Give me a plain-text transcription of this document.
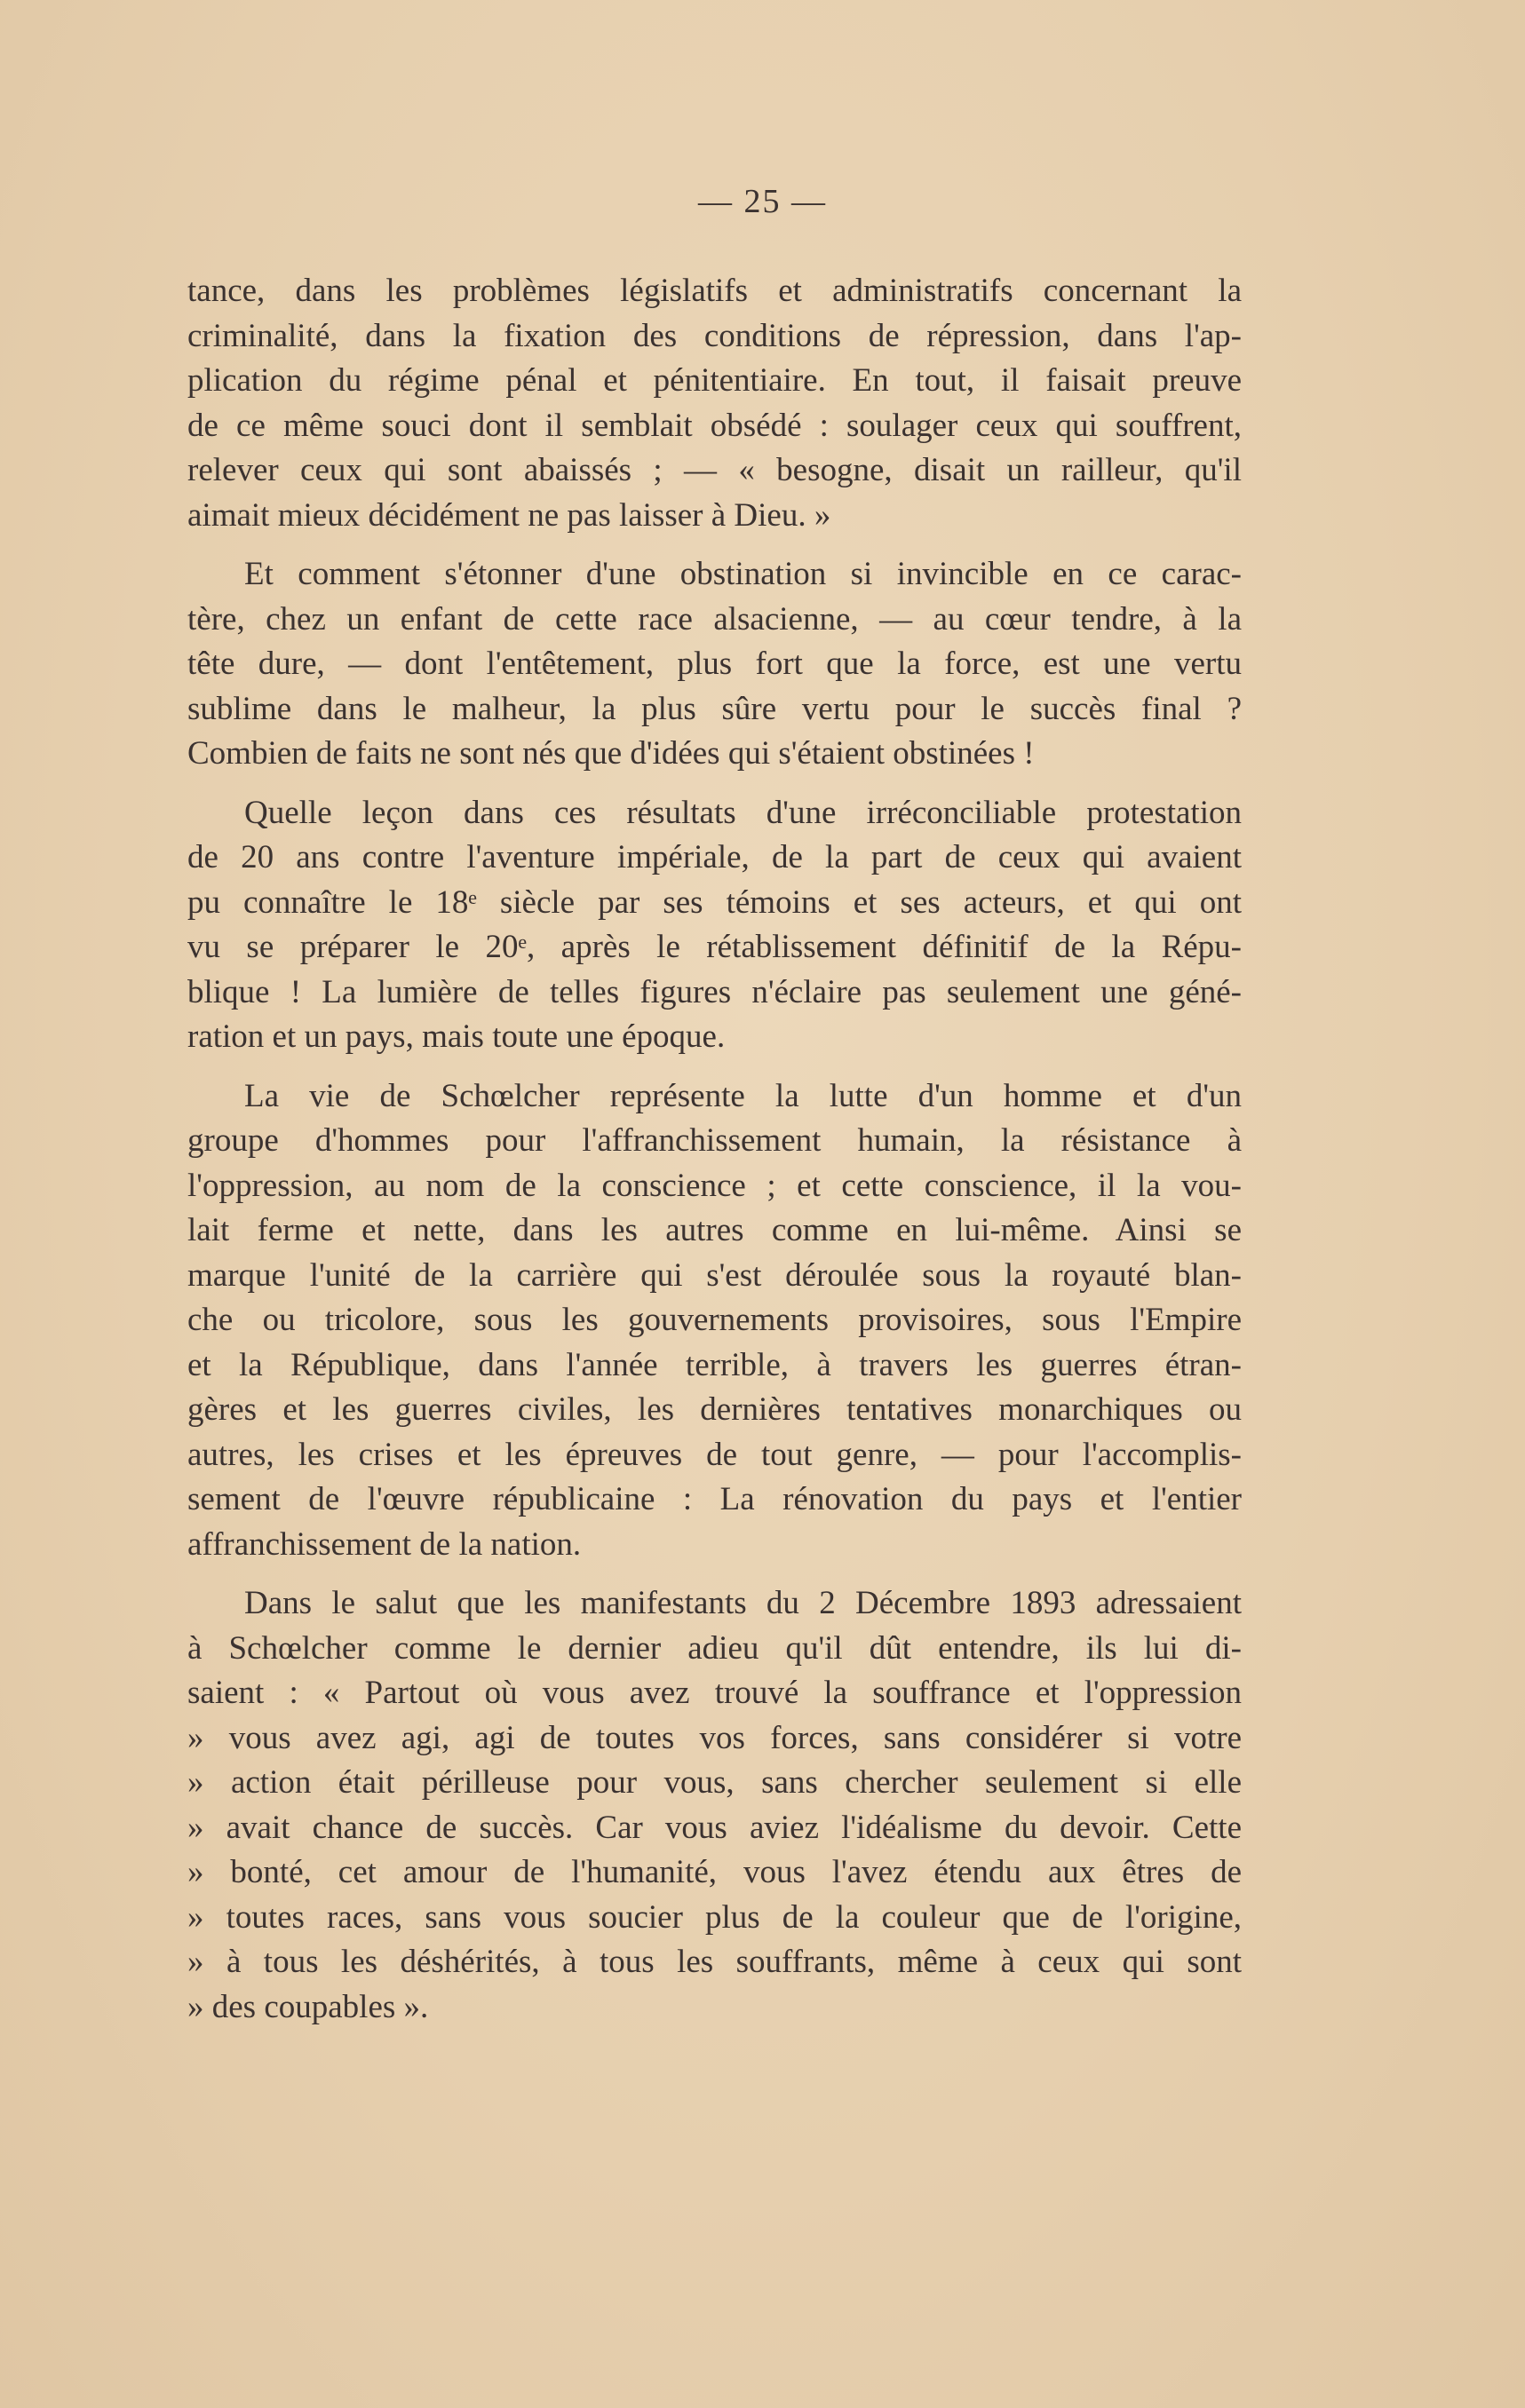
— 25 —
tance, dans les problèmes législatifs et administratifs concernant la
criminalité, dans la fixation des conditions de répression, dans l'ap-
plication du régime pénal et pénitentiaire. En tout, il faisait preuve
de ce même souci dont il semblait obsédé : soulager ceux qui souffrent,
relever ceux qui sont abaissés ; — « besogne, disait un railleur, qu'il
aimait mieux décidément ne pas laisser à Dieu. »
Et comment s'étonner d'une obstination si invincible en ce carac-
tère, chez un enfant de cette race alsacienne, — au cœur tendre, à la
tête dure, — dont l'entêtement, plus fort que la force, est une vertu
sublime dans le malheur, la plus sûre vertu pour le succès final ?
Combien de faits ne sont nés que d'idées qui s'étaient obstinées !
Quelle leçon dans ces résultats d'une irréconciliable protestation
de 20 ans contre l'aventure impériale, de la part de ceux qui avaient
pu connaître le 18ᵉ siècle par ses témoins et ses acteurs, et qui ont
vu se préparer le 20ᵉ, après le rétablissement définitif de la Répu-
blique ! La lumière de telles figures n'éclaire pas seulement une géné-
ration et un pays, mais toute une époque.
La vie de Schœlcher représente la lutte d'un homme et d'un
groupe d'hommes pour l'affranchissement humain, la résistance à
l'oppression, au nom de la conscience ; et cette conscience, il la vou-
lait ferme et nette, dans les autres comme en lui-même. Ainsi se
marque l'unité de la carrière qui s'est déroulée sous la royauté blan-
che ou tricolore, sous les gouvernements provisoires, sous l'Empire
et la République, dans l'année terrible, à travers les guerres étran-
gères et les guerres civiles, les dernières tentatives monarchiques ou
autres, les crises et les épreuves de tout genre, — pour l'accomplis-
sement de l'œuvre républicaine : La rénovation du pays et l'entier
affranchissement de la nation.
Dans le salut que les manifestants du 2 Décembre 1893 adressaient
à Schœlcher comme le dernier adieu qu'il dût entendre, ils lui di-
saient : « Partout où vous avez trouvé la souffrance et l'oppression
» vous avez agi, agi de toutes vos forces, sans considérer si votre
» action était périlleuse pour vous, sans chercher seulement si elle
» avait chance de succès. Car vous aviez l'idéalisme du devoir. Cette
» bonté, cet amour de l'humanité, vous l'avez étendu aux êtres de
» toutes races, sans vous soucier plus de la couleur que de l'origine,
» à tous les déshérités, à tous les souffrants, même à ceux qui sont
» des coupables ».
